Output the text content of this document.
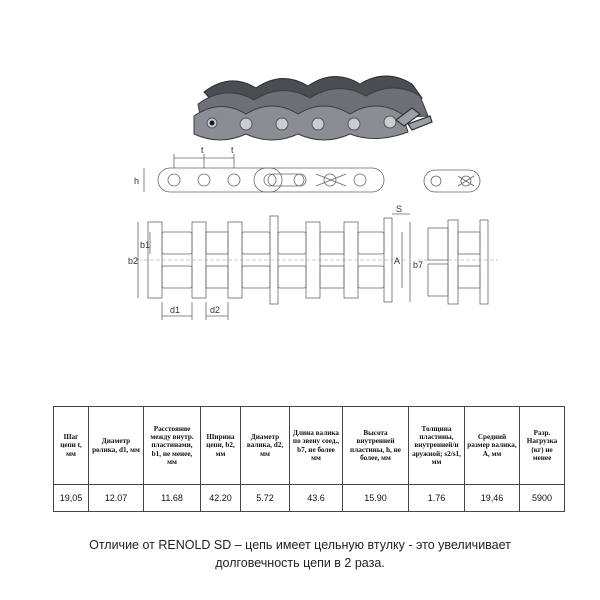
t	t
h
b1
b2	A b7
S
d1	d2
Шаг цепи t, мм	Диаметр ролика, d1, мм	Расстояние между внутр. пластинами, b1, не менее, мм	Ширина цепи, b2, мм	Диаметр валика, d2, мм	Длина валика по звену соед., b7, не более мм	Высота внутренней пластины, h, не более, мм	Толщина пластины, внутренней/н аружной; s2/s1, мм	Средний размер валика, A, мм	Разр. Нагрузка (кг) не менее
19,05	12.07	11.68	42.20	5.72	43.6	15.90	1.76	19,46	5900
Отличие от RENOLD SD – цепь имеет цельную втулку - это увеличивает
долговечность цепи в 2 раза.
